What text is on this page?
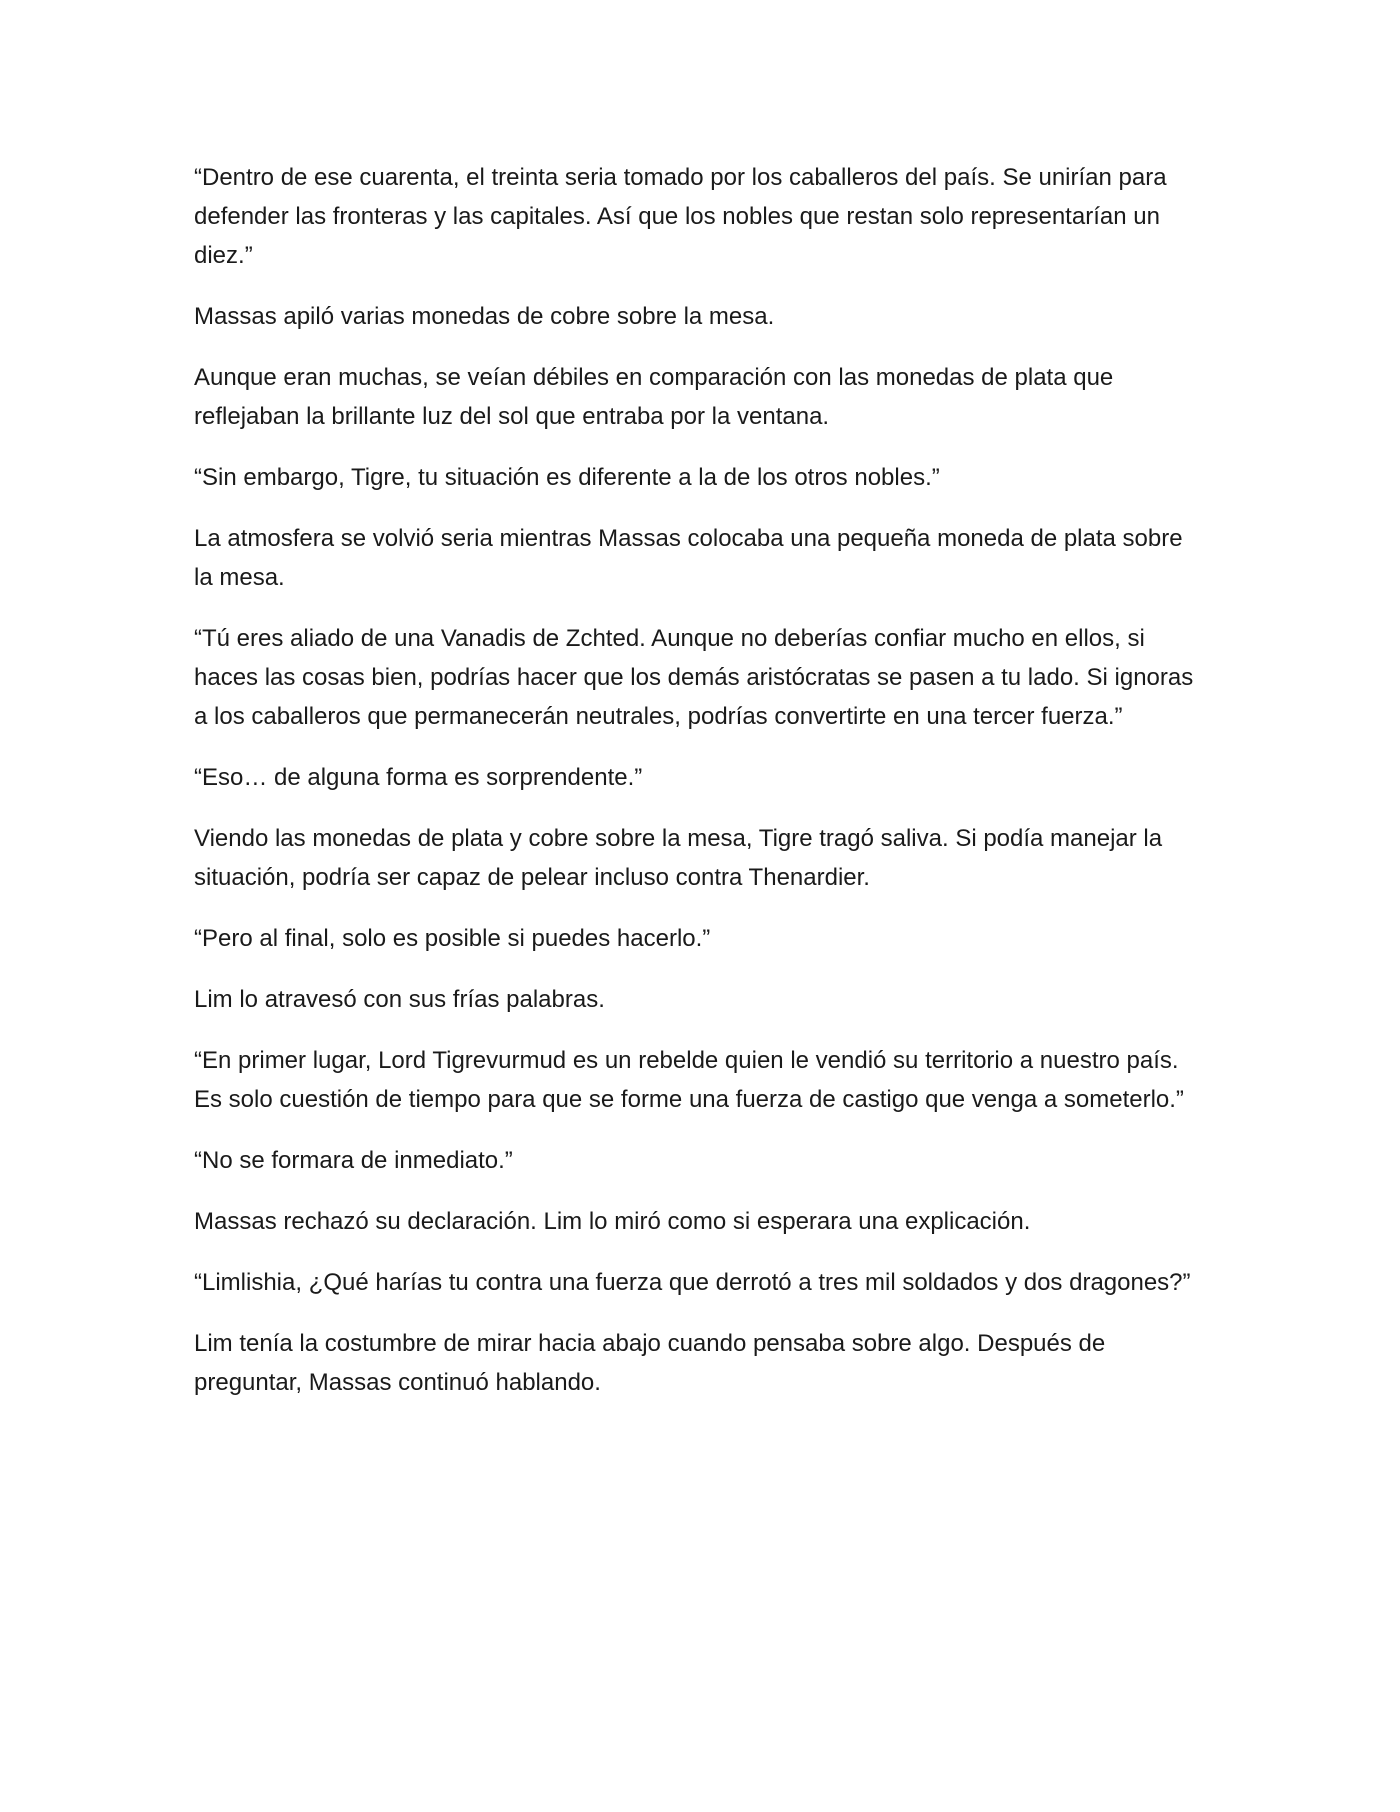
“Dentro de ese cuarenta, el treinta seria tomado por los caballeros del país. Se unirían para defender las fronteras y las capitales. Así que los nobles que restan solo representarían un diez.”

Massas apiló varias monedas de cobre sobre la mesa.

Aunque eran muchas, se veían débiles en comparación con las monedas de plata que reflejaban la brillante luz del sol que entraba por la ventana.

“Sin embargo, Tigre, tu situación es diferente a la de los otros nobles.”

La atmosfera se volvió seria mientras Massas colocaba una pequeña moneda de plata sobre la mesa.

“Tú eres aliado de una Vanadis de Zchted. Aunque no deberías confiar mucho en ellos, si haces las cosas bien, podrías hacer que los demás aristócratas se pasen a tu lado. Si ignoras a los caballeros que permanecerán neutrales, podrías convertirte en una tercer fuerza.”

“Eso… de alguna forma es sorprendente.”

Viendo las monedas de plata y cobre sobre la mesa, Tigre tragó saliva. Si podía manejar la situación, podría ser capaz de pelear incluso contra Thenardier.

“Pero al final, solo es posible si puedes hacerlo.”

Lim lo atravesó con sus frías palabras.

“En primer lugar, Lord Tigrevurmud es un rebelde quien le vendió su territorio a nuestro país. Es solo cuestión de tiempo para que se forme una fuerza de castigo que venga a someterlo.”

“No se formara de inmediato.”

Massas rechazó su declaración. Lim lo miró como si esperara una explicación.

“Limlishia, ¿Qué harías tu contra una fuerza que derrotó a tres mil soldados y dos dragones?”

Lim tenía la costumbre de mirar hacia abajo cuando pensaba sobre algo. Después de preguntar, Massas continuó hablando.
